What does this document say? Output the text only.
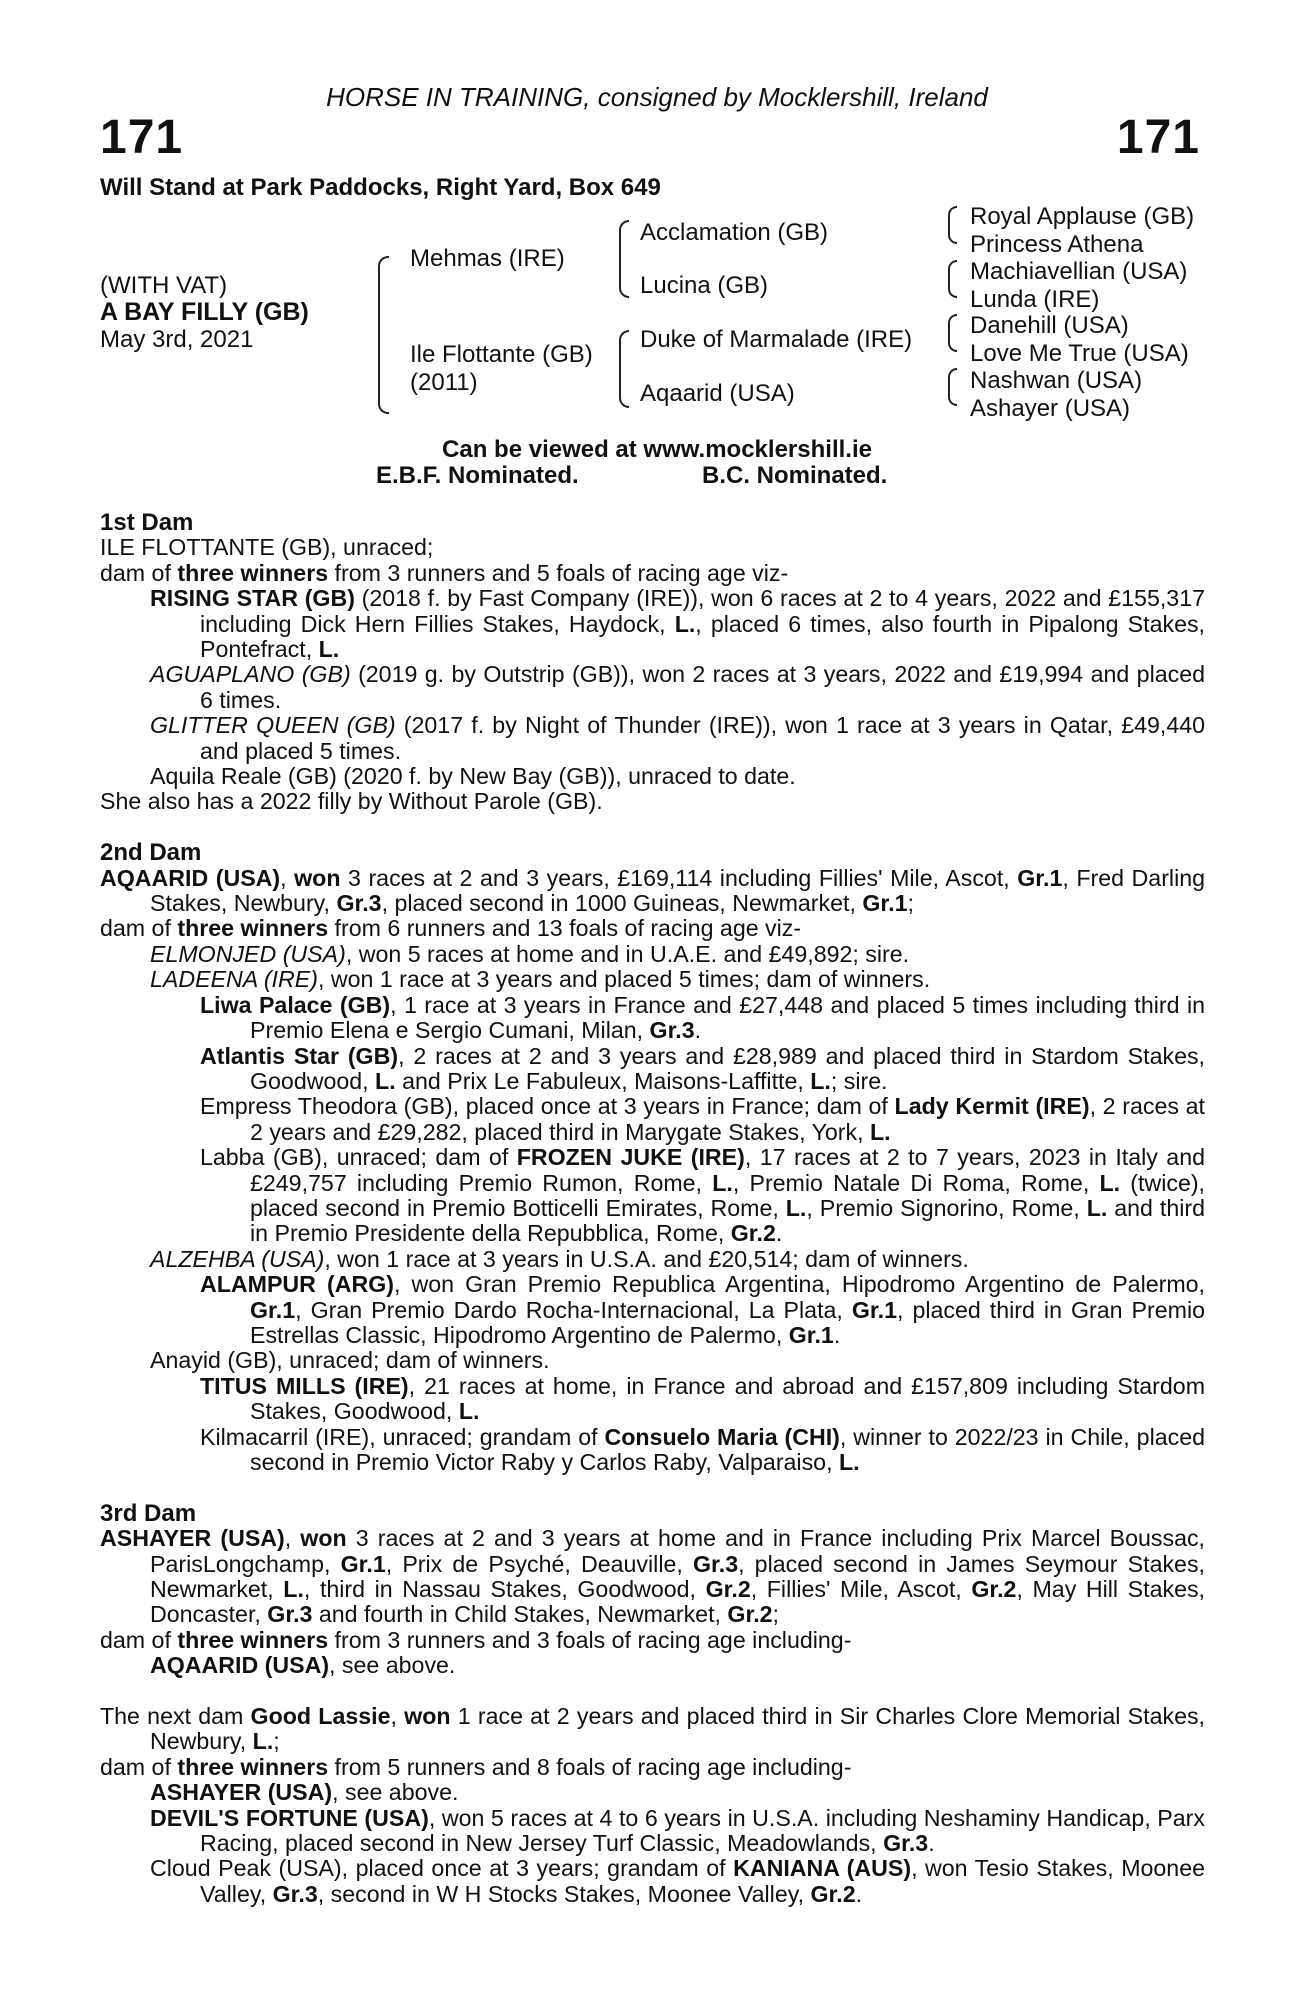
HORSE IN TRAINING, consigned by Mocklershill, Ireland
171	171
Will Stand at Park Paddocks, Right Yard, Box 649
(WITH VAT)
A BAY FILLY (GB)
May 3rd, 2021
Mehmas (IRE)
Ile Flottante (GB)
(2011)
Acclamation (GB)
Lucina (GB)
Duke of Marmalade (IRE)
Aqaarid (USA)
Royal Applause (GB)
Princess Athena
Machiavellian (USA)
Lunda (IRE)
Danehill (USA)
Love Me True (USA)
Nashwan (USA)
Ashayer (USA)
Can be viewed at www.mocklershill.ie
E.B.F. Nominated.	B.C. Nominated.

1st Dam

ILE FLOTTANTE (GB), unraced;

dam of three winners from 3 runners and 5 foals of racing age viz-

RISING STAR (GB) (2018 f. by Fast Company (IRE)), won 6 races at 2 to 4 years, 2022 and £155,317 including Dick Hern Fillies Stakes, Haydock, L., placed 6 times, also fourth in Pipalong Stakes, Pontefract, L.

AGUAPLANO (GB) (2019 g. by Outstrip (GB)), won 2 races at 3 years, 2022 and £19,994 and placed 6 times.

GLITTER QUEEN (GB) (2017 f. by Night of Thunder (IRE)), won 1 race at 3 years in Qatar, £49,440 and placed 5 times.

Aquila Reale (GB) (2020 f. by New Bay (GB)), unraced to date.

She also has a 2022 filly by Without Parole (GB).

2nd Dam

AQAARID (USA), won 3 races at 2 and 3 years, £169,114 including Fillies' Mile, Ascot, Gr.1, Fred Darling Stakes, Newbury, Gr.3, placed second in 1000 Guineas, Newmarket, Gr.1;

dam of three winners from 6 runners and 13 foals of racing age viz-

ELMONJED (USA), won 5 races at home and in U.A.E. and £49,892; sire.

LADEENA (IRE), won 1 race at 3 years and placed 5 times; dam of winners.

Liwa Palace (GB), 1 race at 3 years in France and £27,448 and placed 5 times including third in Premio Elena e Sergio Cumani, Milan, Gr.3.

Atlantis Star (GB), 2 races at 2 and 3 years and £28,989 and placed third in Stardom Stakes, Goodwood, L. and Prix Le Fabuleux, Maisons-Laffitte, L.; sire.

Empress Theodora (GB), placed once at 3 years in France; dam of Lady Kermit (IRE), 2 races at 2 years and £29,282, placed third in Marygate Stakes, York, L.

Labba (GB), unraced; dam of FROZEN JUKE (IRE), 17 races at 2 to 7 years, 2023 in Italy and £249,757 including Premio Rumon, Rome, L., Premio Natale Di Roma, Rome, L. (twice), placed second in Premio Botticelli Emirates, Rome, L., Premio Signorino, Rome, L. and third in Premio Presidente della Repubblica, Rome, Gr.2.

ALZEHBA (USA), won 1 race at 3 years in U.S.A. and £20,514; dam of winners.

ALAMPUR (ARG), won Gran Premio Republica Argentina, Hipodromo Argentino de Palermo, Gr.1, Gran Premio Dardo Rocha-Internacional, La Plata, Gr.1, placed third in Gran Premio Estrellas Classic, Hipodromo Argentino de Palermo, Gr.1.

Anayid (GB), unraced; dam of winners.

TITUS MILLS (IRE), 21 races at home, in France and abroad and £157,809 including Stardom Stakes, Goodwood, L.

Kilmacarril (IRE), unraced; grandam of Consuelo Maria (CHI), winner to 2022/23 in Chile, placed second in Premio Victor Raby y Carlos Raby, Valparaiso, L.

3rd Dam

ASHAYER (USA), won 3 races at 2 and 3 years at home and in France including Prix Marcel Boussac, ParisLongchamp, Gr.1, Prix de Psyché, Deauville, Gr.3, placed second in James Seymour Stakes, Newmarket, L., third in Nassau Stakes, Goodwood, Gr.2, Fillies' Mile, Ascot, Gr.2, May Hill Stakes, Doncaster, Gr.3 and fourth in Child Stakes, Newmarket, Gr.2;

dam of three winners from 3 runners and 3 foals of racing age including-

AQAARID (USA), see above.

The next dam Good Lassie, won 1 race at 2 years and placed third in Sir Charles Clore Memorial Stakes, Newbury, L.;

dam of three winners from 5 runners and 8 foals of racing age including-

ASHAYER (USA), see above.

DEVIL'S FORTUNE (USA), won 5 races at 4 to 6 years in U.S.A. including Neshaminy Handicap, Parx Racing, placed second in New Jersey Turf Classic, Meadowlands, Gr.3.

Cloud Peak (USA), placed once at 3 years; grandam of KANIANA (AUS), won Tesio Stakes, Moonee Valley, Gr.3, second in W H Stocks Stakes, Moonee Valley, Gr.2.
